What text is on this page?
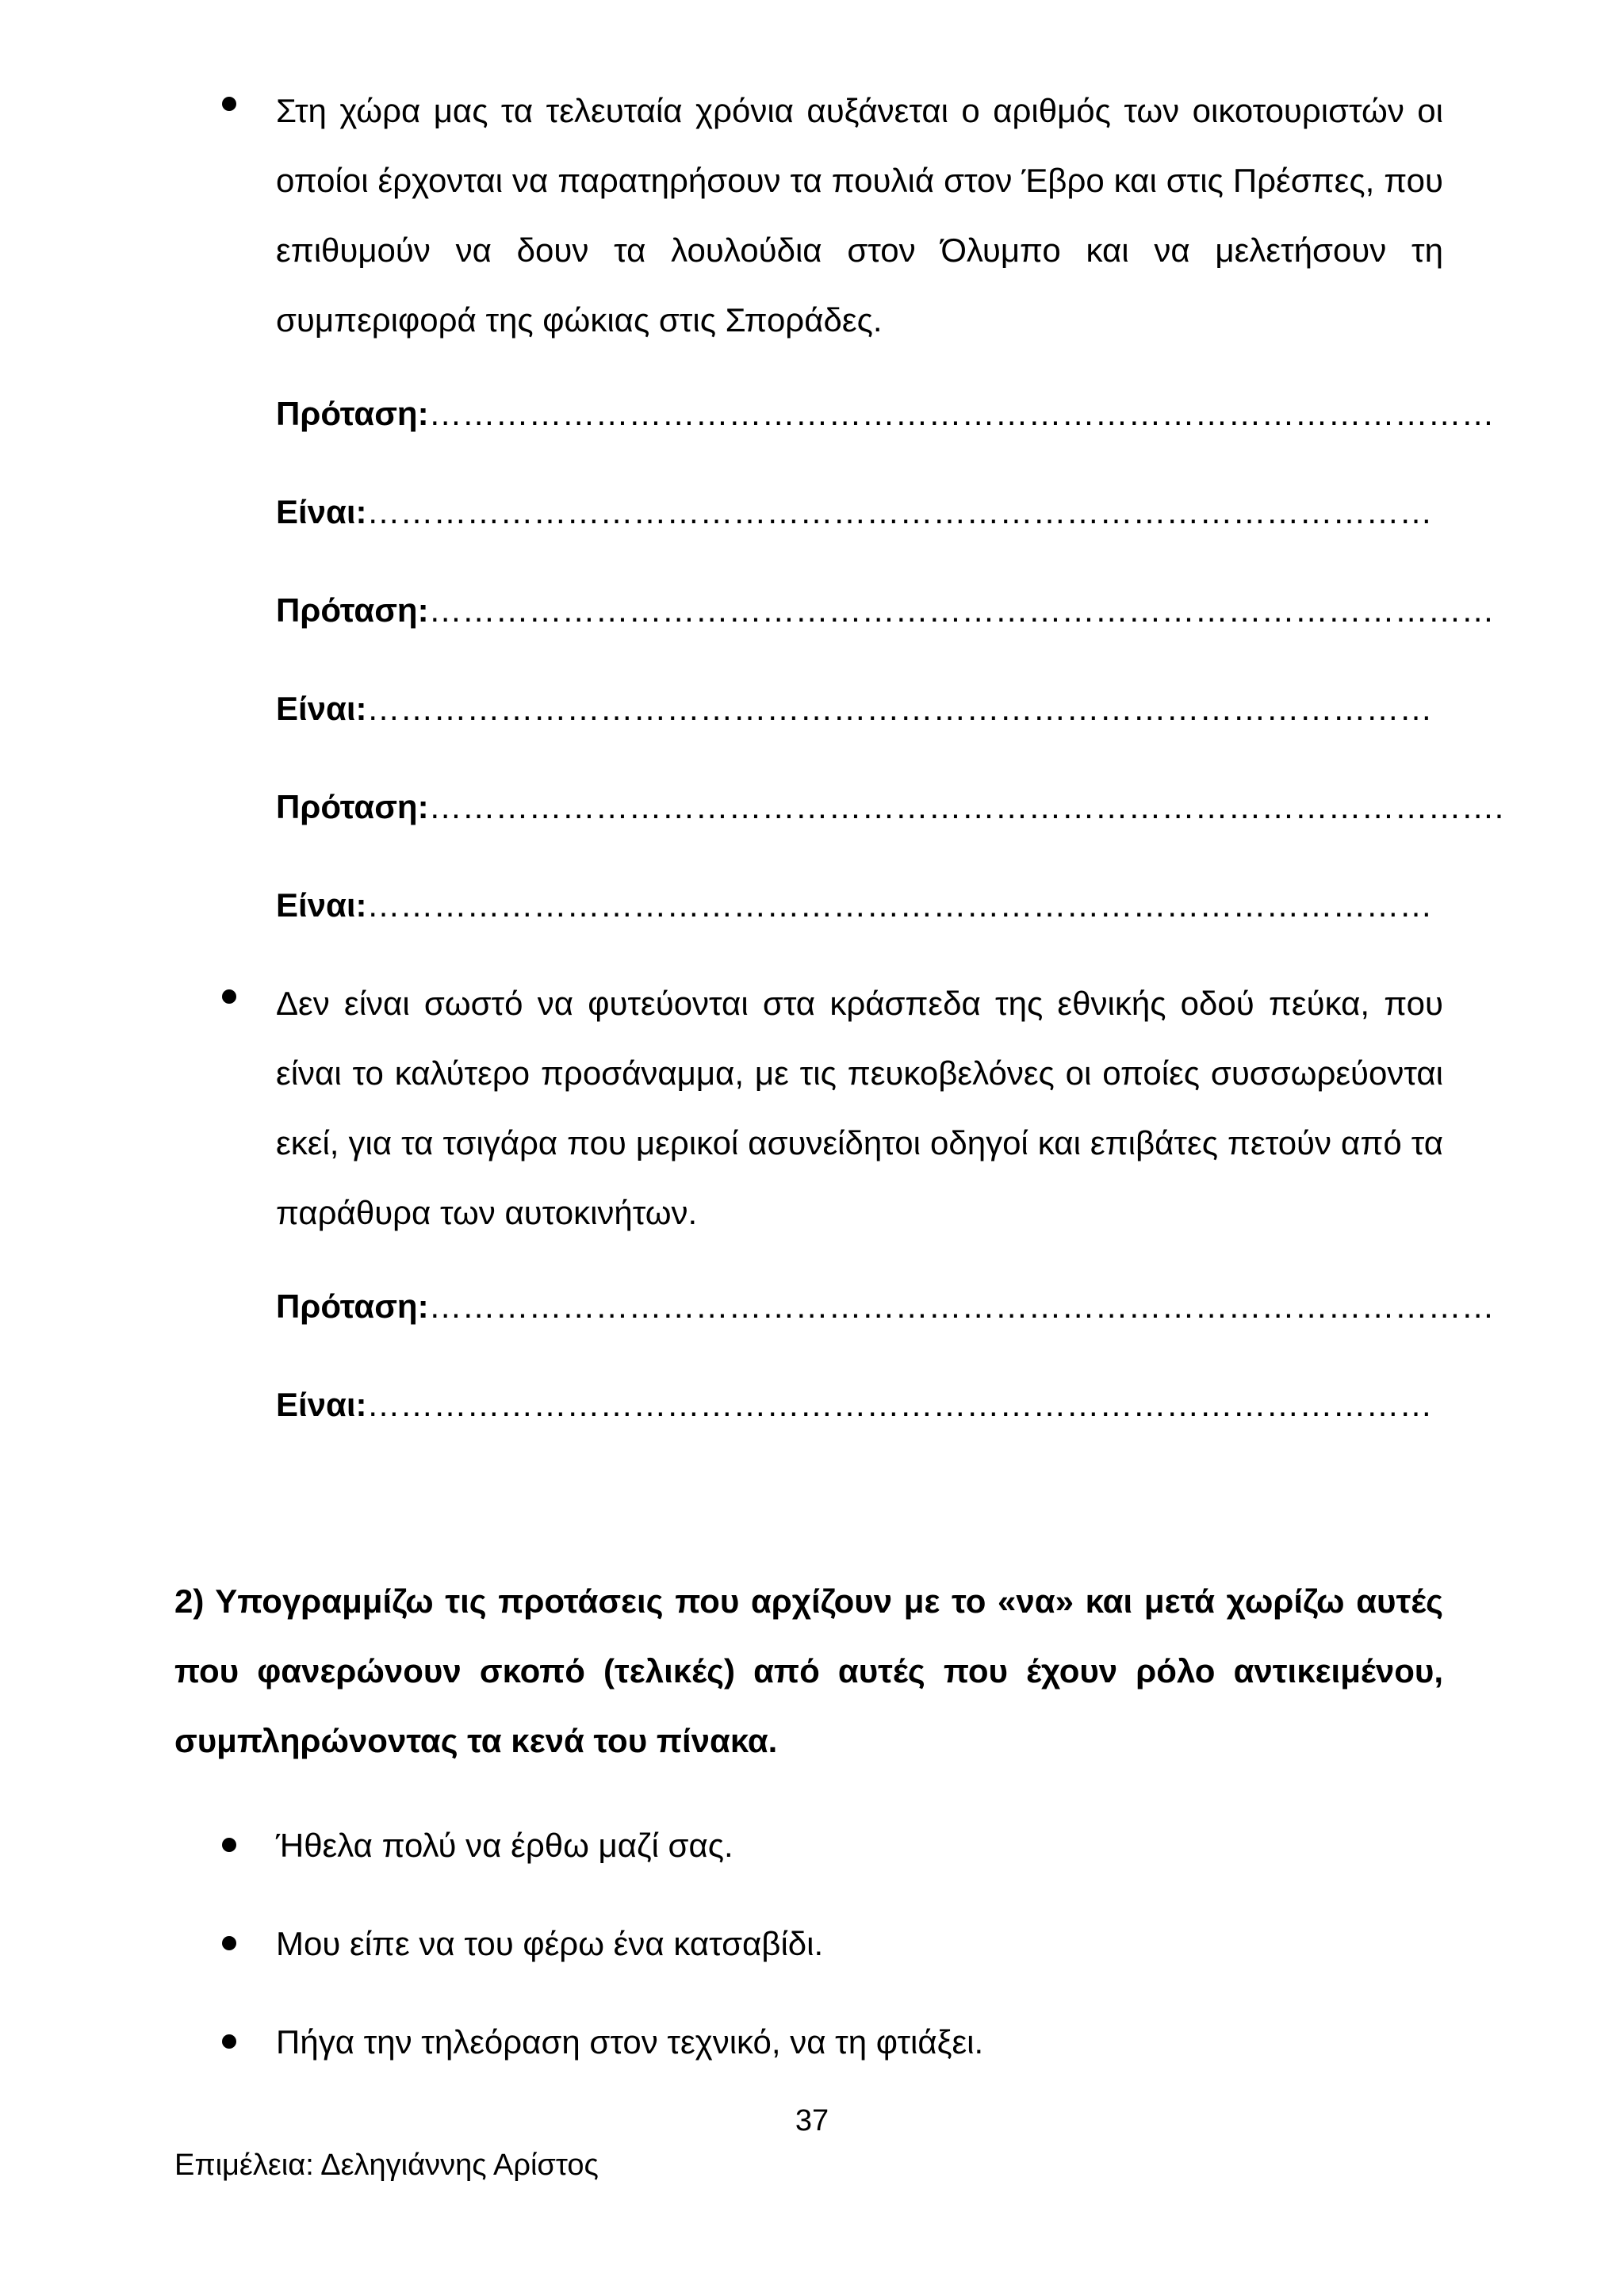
Στη χώρα μας τα τελευταία χρόνια αυξάνεται ο αριθμός των οικοτουριστών οι οποίοι έρχονται να παρατηρήσουν τα πουλιά στον Έβρο και στις Πρέσπες, που επιθυμούν να δουν τα λουλούδια στον Όλυμπο και να μελετήσουν τη συμπεριφορά της φώκιας στις Σποράδες.
Πρόταση:……………………………………………………………………………………
Είναι:……………………………………………………………………………………
Πρόταση:……………………………………………………………………………………
Είναι:……………………………………………………………………………………
Πρόταση:…………………………………………………………………………………….
Είναι:……………………………………………………………………………………
Δεν είναι σωστό να φυτεύονται στα κράσπεδα της εθνικής οδού πεύκα, που είναι το καλύτερο προσάναμμα, με τις πευκοβελόνες οι οποίες συσσωρεύονται εκεί, για τα τσιγάρα που μερικοί ασυνείδητοι οδηγοί και επιβάτες πετούν από τα παράθυρα των αυτοκινήτων.
Πρόταση:……………………………………………………………………………………
Είναι:……………………………………………………………………………………
2) Υπογραμμίζω τις προτάσεις που αρχίζουν με το «να» και μετά χωρίζω αυτές που φανερώνουν σκοπό (τελικές) από αυτές που έχουν ρόλο αντικειμένου, συμπληρώνοντας τα κενά του πίνακα.
Ήθελα πολύ να έρθω μαζί σας.
Μου είπε να του φέρω ένα κατσαβίδι.
Πήγα την τηλεόραση στον τεχνικό, να τη φτιάξει.
37
Επιμέλεια: Δεληγιάννης Αρίστος
